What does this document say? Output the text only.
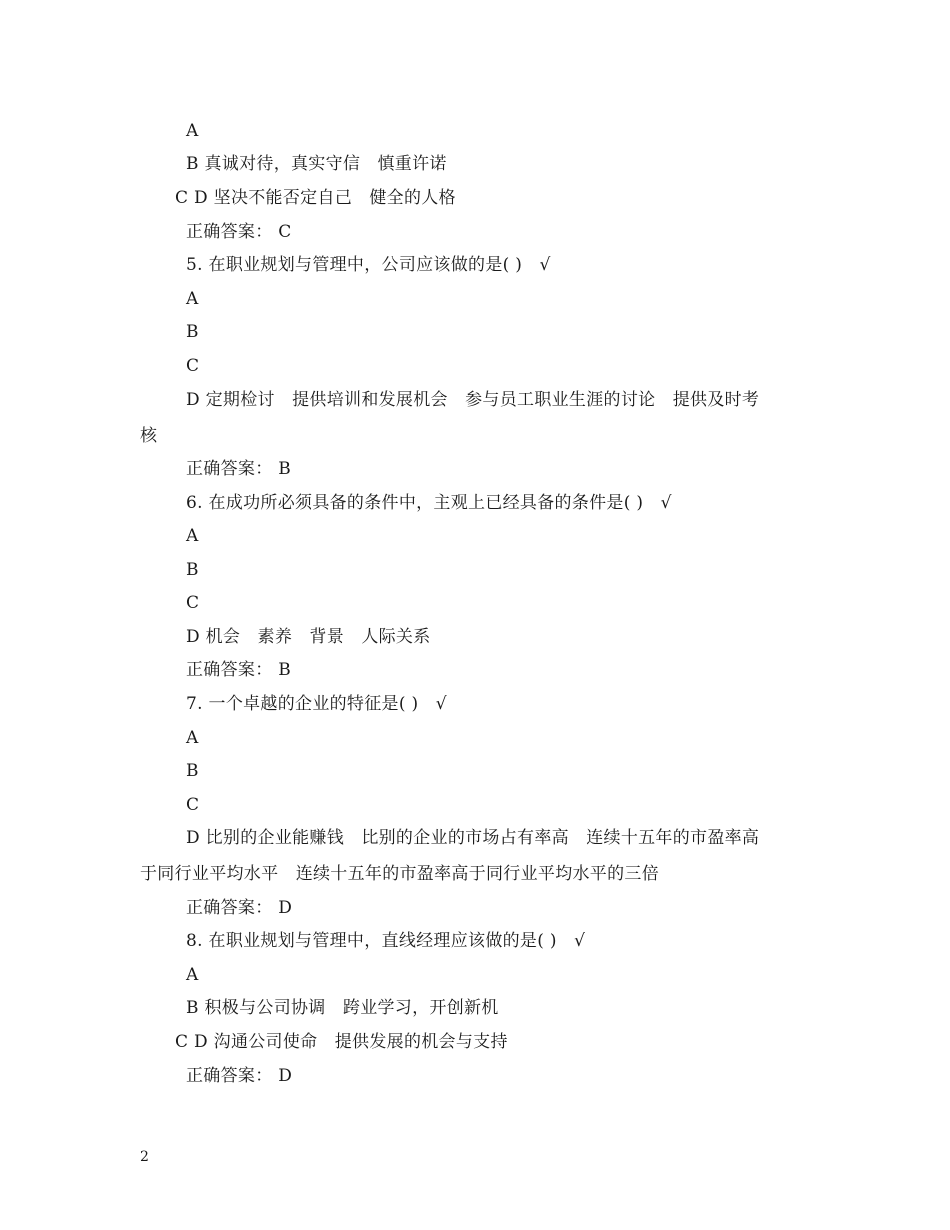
A
B 真诚对待，真实守信　慎重许诺
C D 坚决不能否定自己　健全的人格
正确答案： C
5. 在职业规划与管理中，公司应该做的是( )　√
A
B
C
D 定期检讨　提供培训和发展机会　参与员工职业生涯的讨论　提供及时考
核
正确答案： B
6. 在成功所必须具备的条件中，主观上已经具备的条件是( )　√
A
B
C
D 机会　素养　背景　人际关系
正确答案： B
7. 一个卓越的企业的特征是( )　√
A
B
C
D 比别的企业能赚钱　比别的企业的市场占有率高　连续十五年的市盈率高
于同行业平均水平　连续十五年的市盈率高于同行业平均水平的三倍
正确答案： D
8. 在职业规划与管理中，直线经理应该做的是( )　√
A
B 积极与公司协调　跨业学习，开创新机
C D 沟通公司使命　提供发展的机会与支持
正确答案： D
2
